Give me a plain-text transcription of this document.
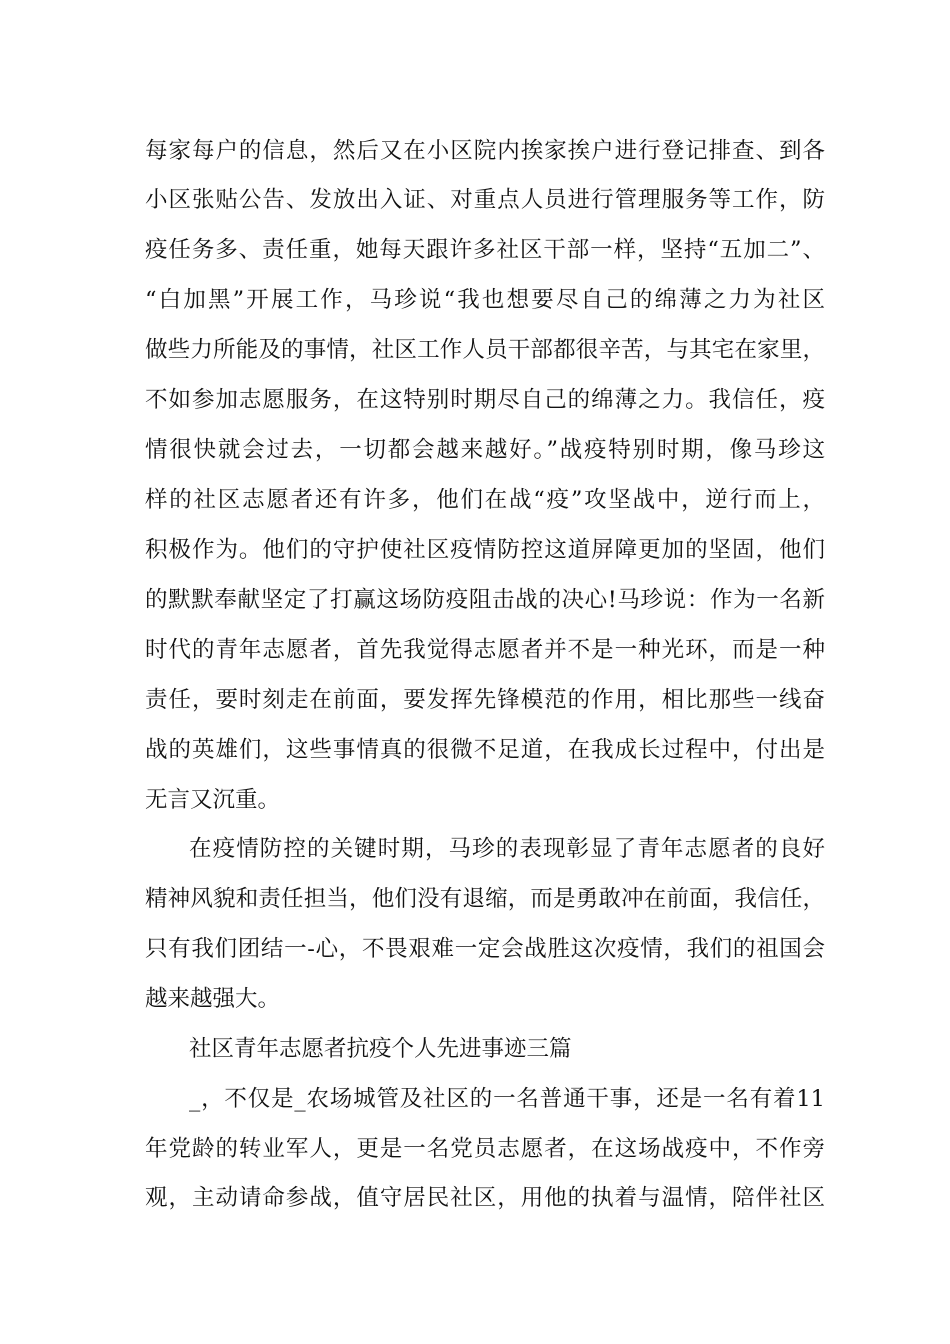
每家每户的信息，然后又在小区院内挨家挨户进行登记排查、到各
小区张贴公告、发放出入证、对重点人员进行管理服务等工作，防
疫任务多、责任重，她每天跟许多社区干部一样，坚持“五加二”、
“白加黑”开展工作，马珍说“我也想要尽自己的绵薄之力为社区
做些力所能及的事情，社区工作人员干部都很辛苦，与其宅在家里，
不如参加志愿服务，在这特别时期尽自己的绵薄之力。我信任，疫
情很快就会过去，一切都会越来越好。”战疫特别时期，像马珍这
样的社区志愿者还有许多，他们在战“疫”攻坚战中，逆行而上，
积极作为。他们的守护使社区疫情防控这道屏障更加的坚固，他们
的默默奉献坚定了打赢这场防疫阻击战的决心!马珍说：作为一名新
时代的青年志愿者，首先我觉得志愿者并不是一种光环，而是一种
责任，要时刻走在前面，要发挥先锋模范的作用，相比那些一线奋
战的英雄们，这些事情真的很微不足道，在我成长过程中，付出是
无言又沉重。
在疫情防控的关键时期，马珍的表现彰显了青年志愿者的良好
精神风貌和责任担当，他们没有退缩，而是勇敢冲在前面，我信任，
只有我们团结一-心，不畏艰难一定会战胜这次疫情，我们的祖国会
越来越强大。
社区青年志愿者抗疫个人先进事迹三篇
_，不仅是_农场城管及社区的一名普通干事，还是一名有着11
年党龄的转业军人，更是一名党员志愿者，在这场战疫中，不作旁
观，主动请命参战，值守居民社区，用他的执着与温情，陪伴社区
